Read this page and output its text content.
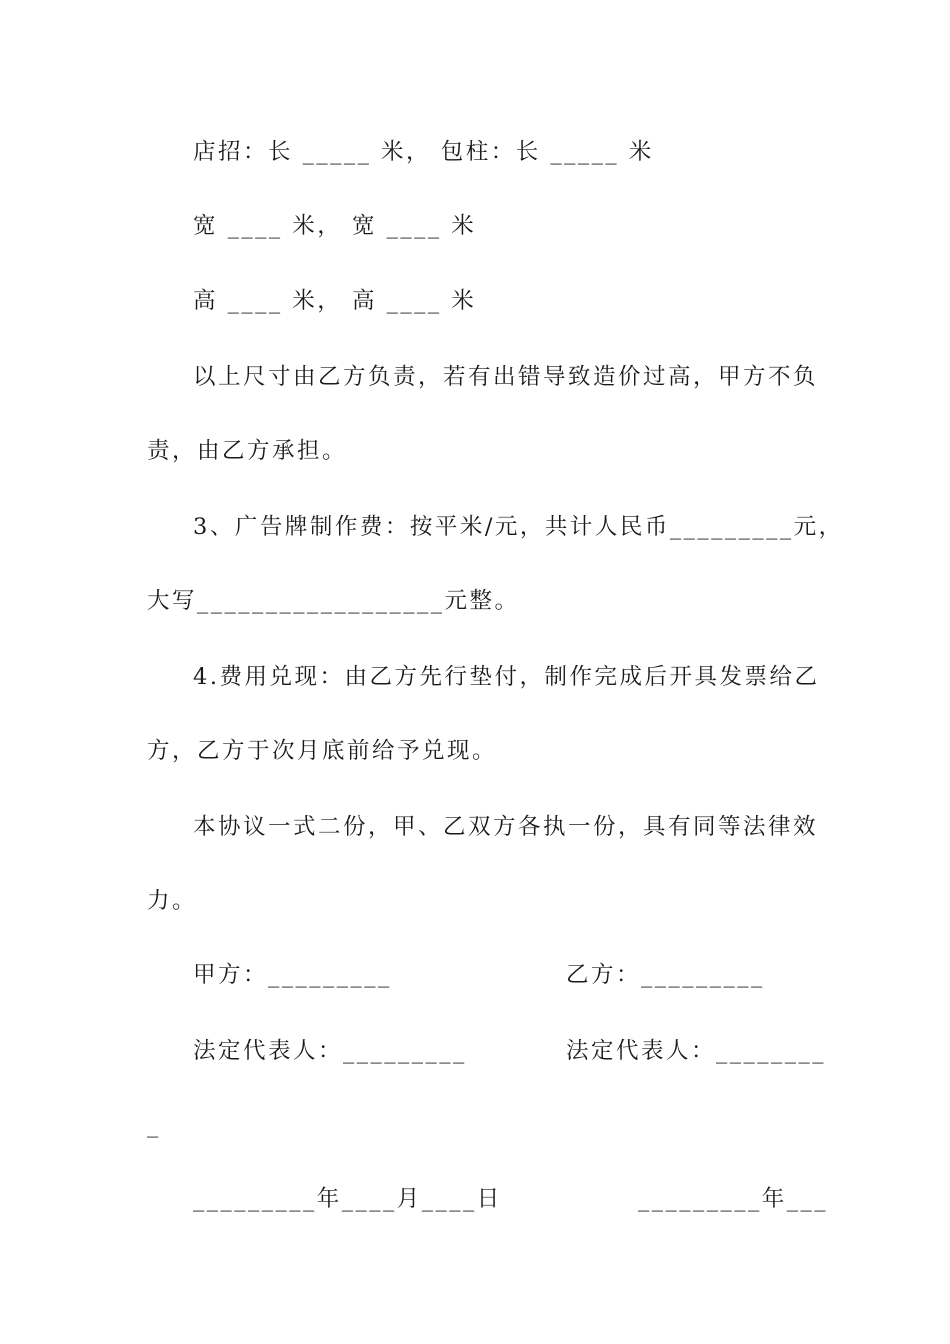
店招：长 _____ 米， 包柱：长 _____ 米
宽 ____ 米， 宽 ____ 米
高 ____ 米， 高 ____ 米
以上尺寸由乙方负责，若有出错导致造价过高，甲方不负
责，由乙方承担。
3、广告牌制作费：按平米/元，共计人民币_________元，
大写__________________元整。
4.费用兑现：由乙方先行垫付，制作完成后开具发票给乙
方，乙方于次月底前给予兑现。
本协议一式二份，甲、乙双方各执一份，具有同等法律效
力。
甲方：_________	乙方：_________
法定代表人：_________	法定代表人：________
_
_________年____月____日	_________年___
